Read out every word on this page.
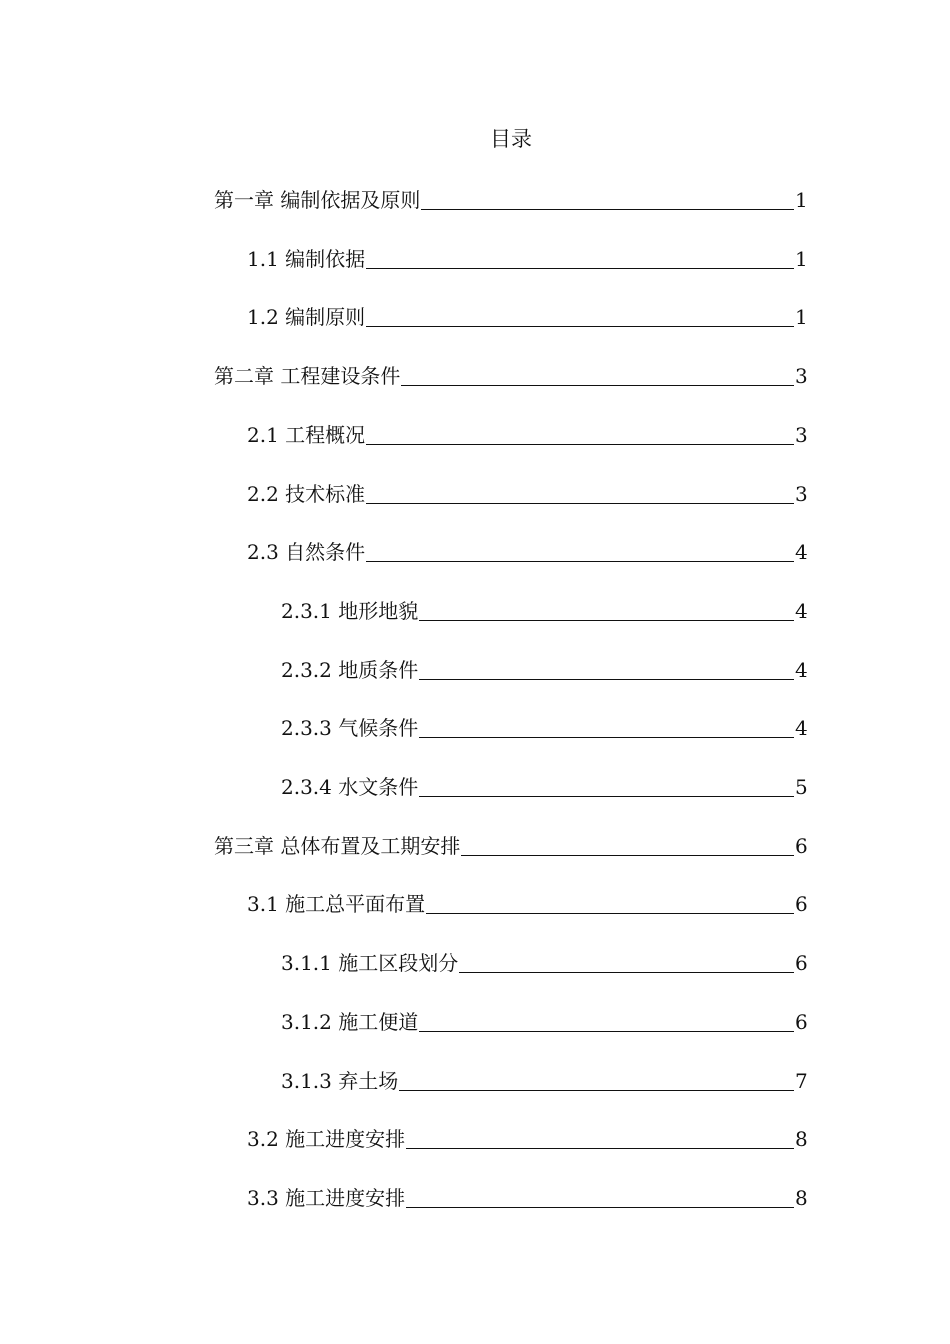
目录
第一章 编制依据及原则	1
1.1 编制依据	1
1.2 编制原则	1
第二章 工程建设条件	3
2.1 工程概况	3
2.2 技术标准	3
2.3 自然条件	4
2.3.1 地形地貌	4
2.3.2 地质条件	4
2.3.3 气候条件	4
2.3.4 水文条件	5
第三章 总体布置及工期安排	6
3.1 施工总平面布置	6
3.1.1 施工区段划分	6
3.1.2 施工便道	6
3.1.3 弃土场	7
3.2 施工进度安排	8
3.3 施工进度安排	8
